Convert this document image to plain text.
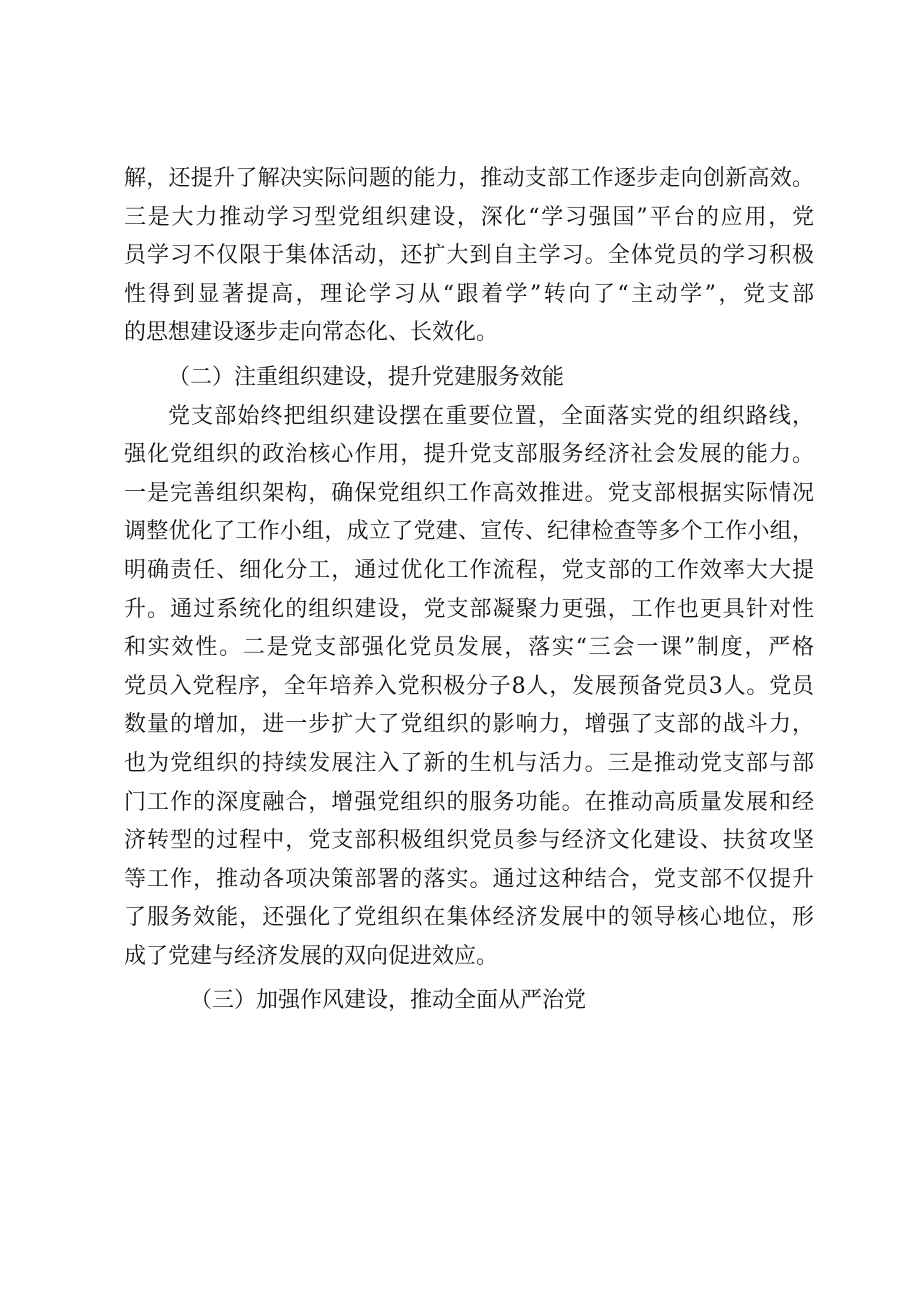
解，还提升了解决实际问题的能力，推动支部工作逐步走向创新高效。
三是大力推动学习型党组织建设，深化“学习强国”平台的应用，党
员学习不仅限于集体活动，还扩大到自主学习。全体党员的学习积极
性得到显著提高，理论学习从“跟着学”转向了“主动学”，党支部
的思想建设逐步走向常态化、长效化。
（二）注重组织建设，提升党建服务效能
党支部始终把组织建设摆在重要位置，全面落实党的组织路线，
强化党组织的政治核心作用，提升党支部服务经济社会发展的能力。
一是完善组织架构，确保党组织工作高效推进。党支部根据实际情况
调整优化了工作小组，成立了党建、宣传、纪律检查等多个工作小组，
明确责任、细化分工，通过优化工作流程，党支部的工作效率大大提
升。通过系统化的组织建设，党支部凝聚力更强，工作也更具针对性
和实效性。二是党支部强化党员发展，落实“三会一课”制度，严格
党员入党程序，全年培养入党积极分子8人，发展预备党员3人。党员
数量的增加，进一步扩大了党组织的影响力，增强了支部的战斗力，
也为党组织的持续发展注入了新的生机与活力。三是推动党支部与部
门工作的深度融合，增强党组织的服务功能。在推动高质量发展和经
济转型的过程中，党支部积极组织党员参与经济文化建设、扶贫攻坚
等工作，推动各项决策部署的落实。通过这种结合，党支部不仅提升
了服务效能，还强化了党组织在集体经济发展中的领导核心地位，形
成了党建与经济发展的双向促进效应。
（三）加强作风建设，推动全面从严治党
